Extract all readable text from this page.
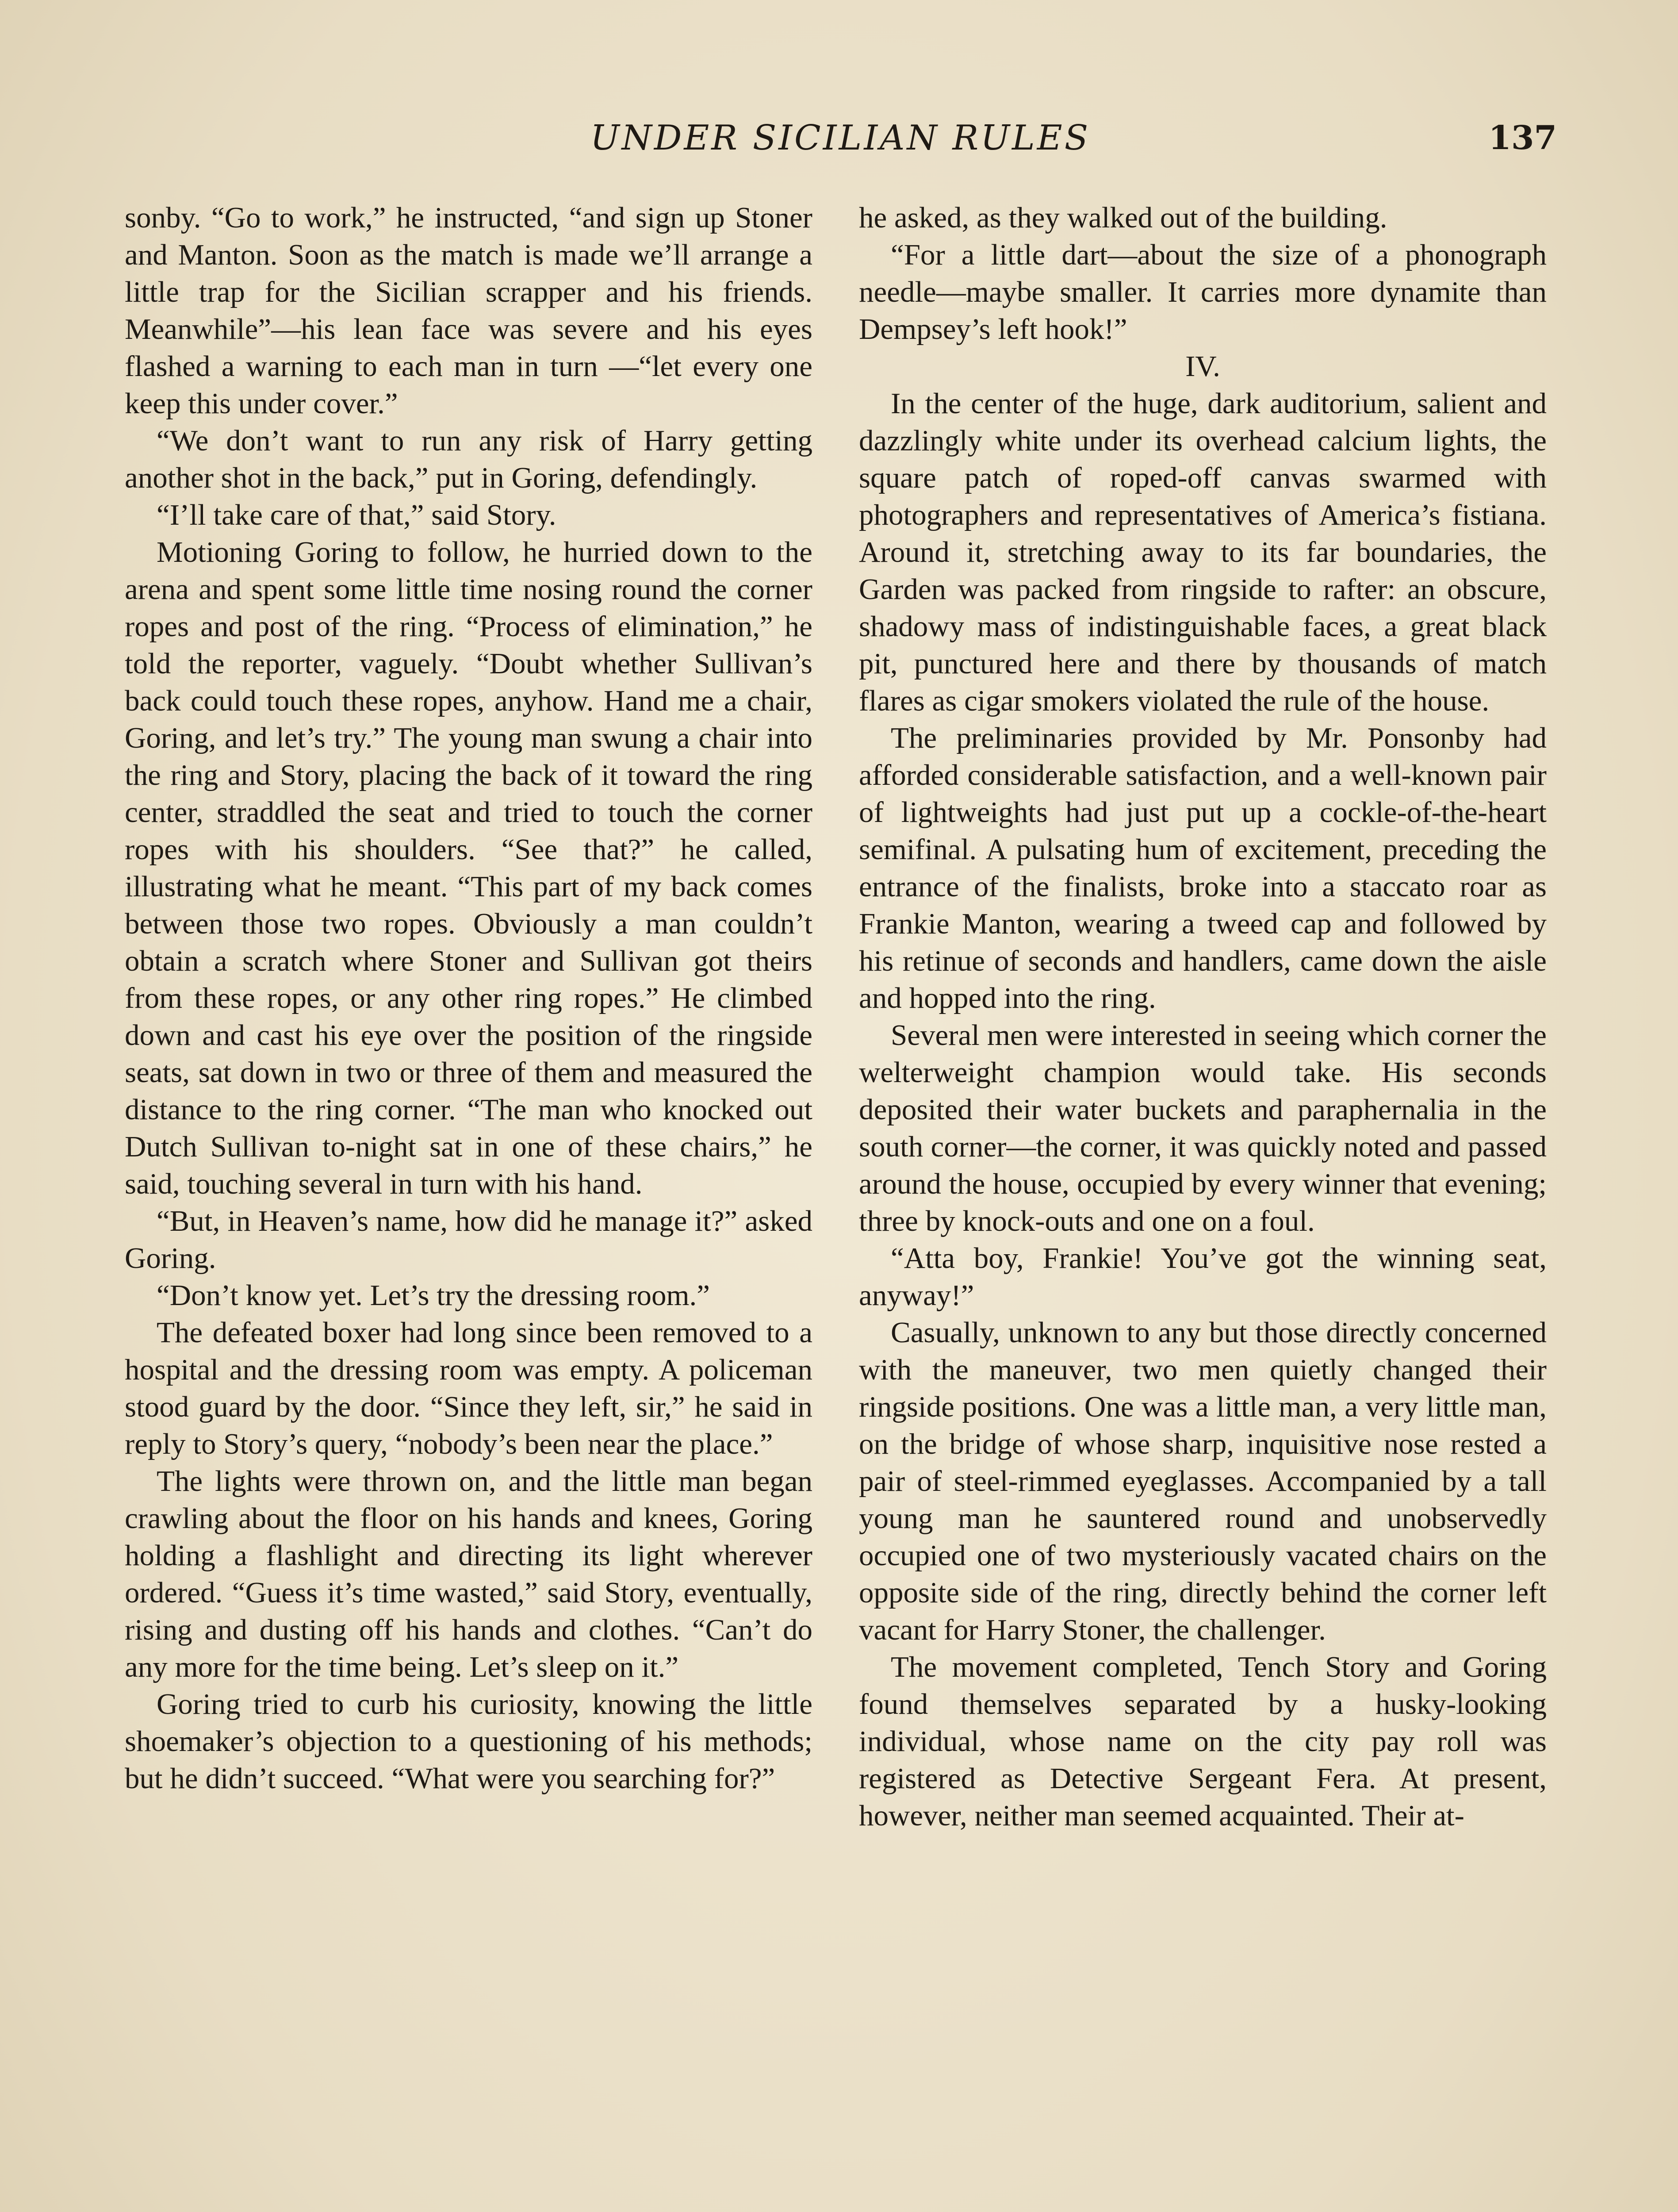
UNDER SICILIAN RULES	137

sonby. “Go to work,” he instructed, “and sign up Stoner and Manton. Soon as the match is made we’ll arrange a little trap for the Sicilian scrapper and his friends. Meanwhile”—his lean face was severe and his eyes flashed a warning to each man in turn —“let every one keep this under cover.”

“We don’t want to run any risk of Harry getting another shot in the back,” put in Goring, defendingly.

“I’ll take care of that,” said Story.

Motioning Goring to follow, he hurried down to the arena and spent some little time nosing round the corner ropes and post of the ring. “Process of elimination,” he told the reporter, vaguely. “Doubt whether Sullivan’s back could touch these ropes, anyhow. Hand me a chair, Goring, and let’s try.” The young man swung a chair into the ring and Story, placing the back of it toward the ring center, straddled the seat and tried to touch the corner ropes with his shoulders. “See that?” he called, illustrating what he meant. “This part of my back comes between those two ropes. Obviously a man couldn’t obtain a scratch where Stoner and Sullivan got theirs from these ropes, or any other ring ropes.” He climbed down and cast his eye over the position of the ringside seats, sat down in two or three of them and measured the distance to the ring corner. “The man who knocked out Dutch Sullivan to-night sat in one of these chairs,” he said, touching several in turn with his hand.

“But, in Heaven’s name, how did he manage it?” asked Goring.

“Don’t know yet. Let’s try the dressing room.”

The defeated boxer had long since been removed to a hospital and the dressing room was empty. A policeman stood guard by the door. “Since they left, sir,” he said in reply to Story’s query, “nobody’s been near the place.”

The lights were thrown on, and the little man began crawling about the floor on his hands and knees, Goring holding a flashlight and directing its light wherever ordered. “Guess it’s time wasted,” said Story, eventually, rising and dusting off his hands and clothes. “Can’t do any more for the time being. Let’s sleep on it.”

Goring tried to curb his curiosity, knowing the little shoemaker’s objection to a questioning of his methods; but he didn’t succeed. “What were you searching for?”

he asked, as they walked out of the building.

“For a little dart—about the size of a phonograph needle—maybe smaller. It carries more dynamite than Dempsey’s left hook!”

IV.

In the center of the huge, dark auditorium, salient and dazzlingly white under its overhead calcium lights, the square patch of roped-off canvas swarmed with photographers and representatives of America’s fistiana. Around it, stretching away to its far boundaries, the Garden was packed from ringside to rafter: an obscure, shadowy mass of indistinguishable faces, a great black pit, punctured here and there by thousands of match flares as cigar smokers violated the rule of the house.

The preliminaries provided by Mr. Ponsonby had afforded considerable satisfaction, and a well-known pair of lightweights had just put up a cockle-of-the-heart semifinal. A pulsating hum of excitement, preceding the entrance of the finalists, broke into a staccato roar as Frankie Manton, wearing a tweed cap and followed by his retinue of seconds and handlers, came down the aisle and hopped into the ring.

Several men were interested in seeing which corner the welterweight champion would take. His seconds deposited their water buckets and paraphernalia in the south corner—the corner, it was quickly noted and passed around the house, occupied by every winner that evening; three by knock-outs and one on a foul.

“Atta boy, Frankie! You’ve got the winning seat, anyway!”

Casually, unknown to any but those directly concerned with the maneuver, two men quietly changed their ringside positions. One was a little man, a very little man, on the bridge of whose sharp, inquisitive nose rested a pair of steel-rimmed eyeglasses. Accompanied by a tall young man he sauntered round and unobservedly occupied one of two mysteriously vacated chairs on the opposite side of the ring, directly behind the corner left vacant for Harry Stoner, the challenger.

The movement completed, Tench Story and Goring found themselves separated by a husky-looking individual, whose name on the city pay roll was registered as Detective Sergeant Fera. At present, however, neither man seemed acquainted. Their at-
